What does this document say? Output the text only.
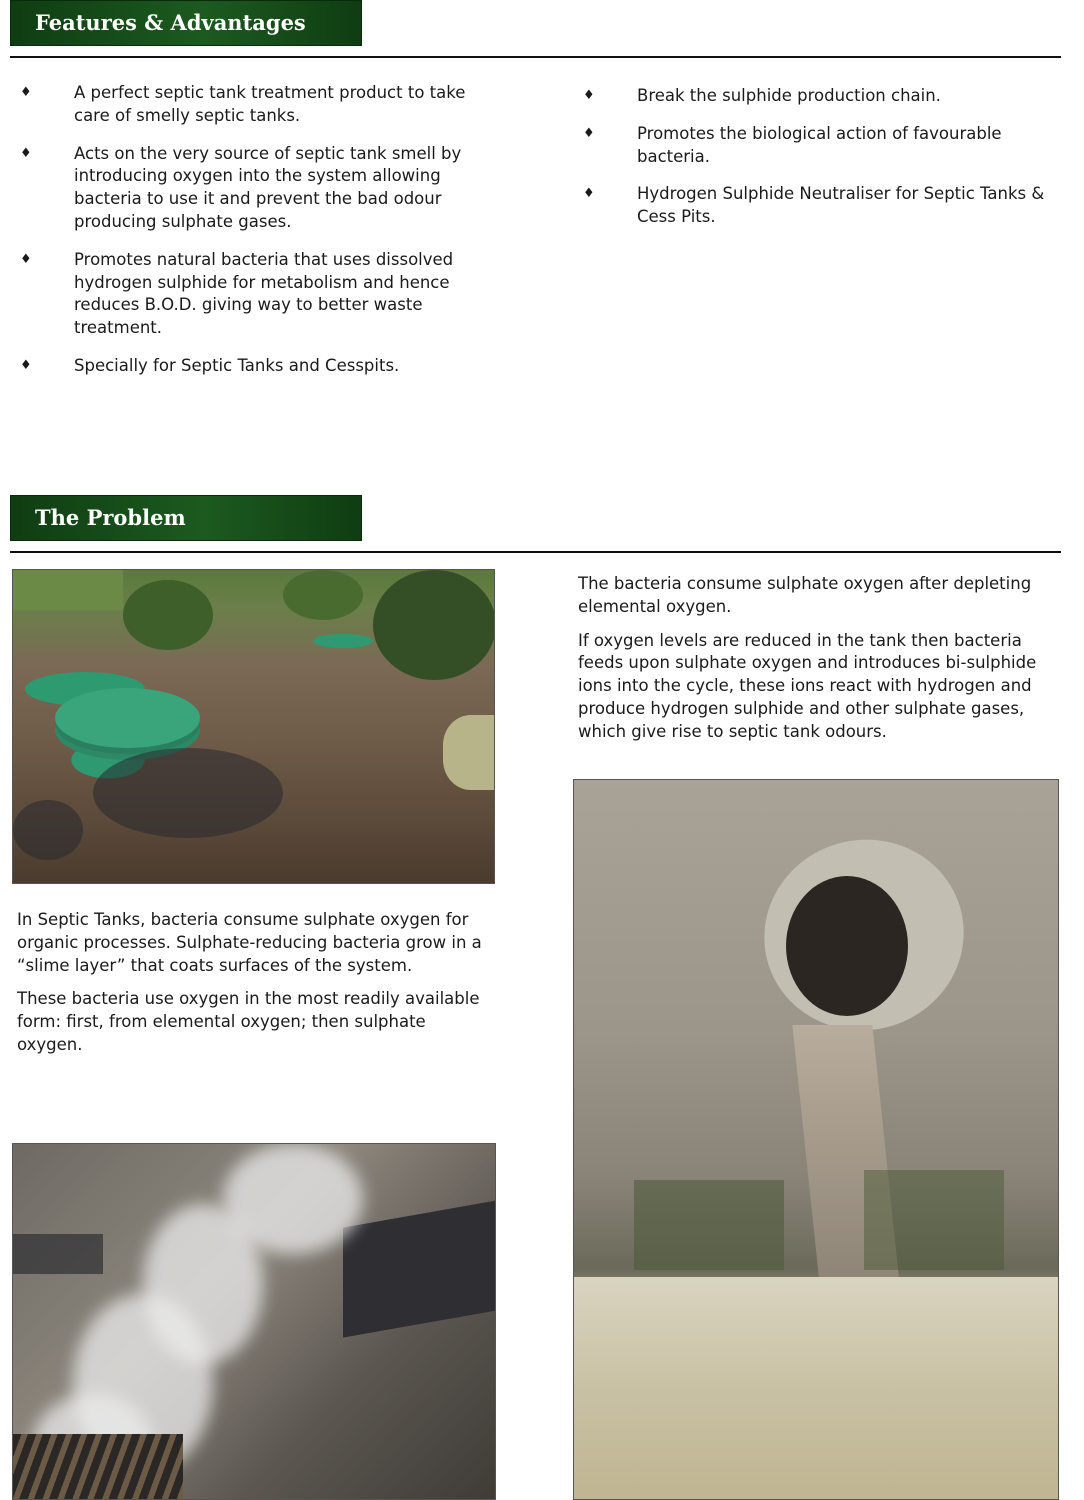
Features & Advantages
♦	A perfect septic tank treatment product to take care of smelly septic tanks.
♦	Acts on the very source of septic tank smell by introducing oxygen into the system allowing bacteria to use it and prevent the bad odour producing sulphate gases.
♦	Promotes natural bacteria that uses dissolved hydrogen sulphide for metabolism and hence reduces B.O.D. giving way to better waste treatment.
♦	Specially for Septic Tanks and Cesspits.
♦	Break the sulphide production chain.
♦	Promotes the biological action of favourable bacteria.
♦	Hydrogen Sulphide Neutraliser for Septic Tanks & Cess Pits.
The Problem

The bacteria consume sulphate oxygen after depleting elemental oxygen.

If oxygen levels are reduced in the tank then bacteria feeds upon sulphate oxygen and introduces bi-sulphide ions into the cycle, these ions react with hydrogen and produce hydrogen sulphide and other sulphate gases, which give rise to septic tank odours.

In Septic Tanks, bacteria consume sulphate oxygen for organic processes. Sulphate-reducing bacteria grow in a “slime layer” that coats surfaces of the system.

These bacteria use oxygen in the most readily available form: first, from elemental oxygen; then sulphate oxygen.
